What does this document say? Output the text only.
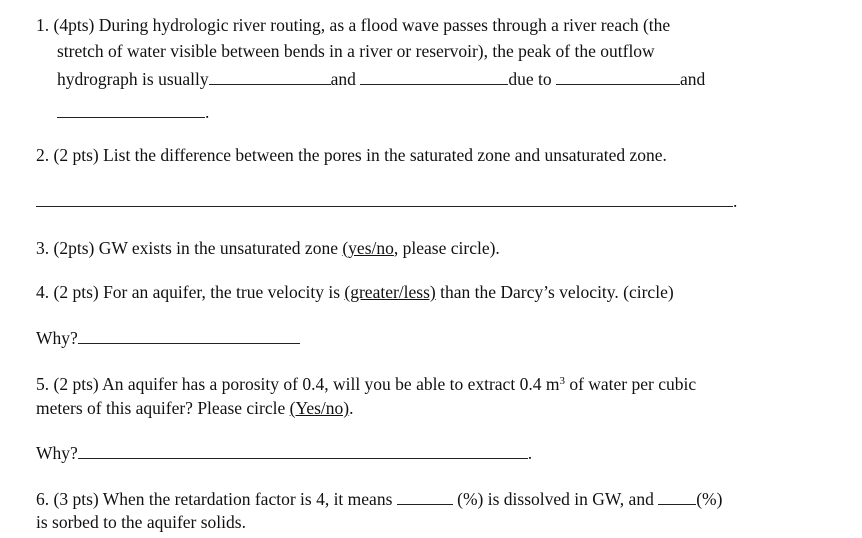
1. (4pts) During hydrologic river routing, as a flood wave passes through a river reach (the
stretch of water visible between bends in a river or reservoir), the peak of the outflow
hydrograph is usually	and	due to	and
.
2. (2 pts) List the difference between the pores in the saturated zone and unsaturated zone.
.
3. (2pts) GW exists in the unsaturated zone (yes/no, please circle).
4. (2 pts) For an aquifer, the true velocity is (greater/less) than the Darcy’s velocity. (circle)
Why?
5. (2 pts) An aquifer has a porosity of 0.4, will you be able to extract 0.4 $m^3$ of water per cubic
meters of this aquifer? Please circle (Yes/no).
Why?	.
6. (3 pts) When the retardation factor is 4, it means	(%) is dissolved in GW, and (%)
is sorbed to the aquifer solids.
